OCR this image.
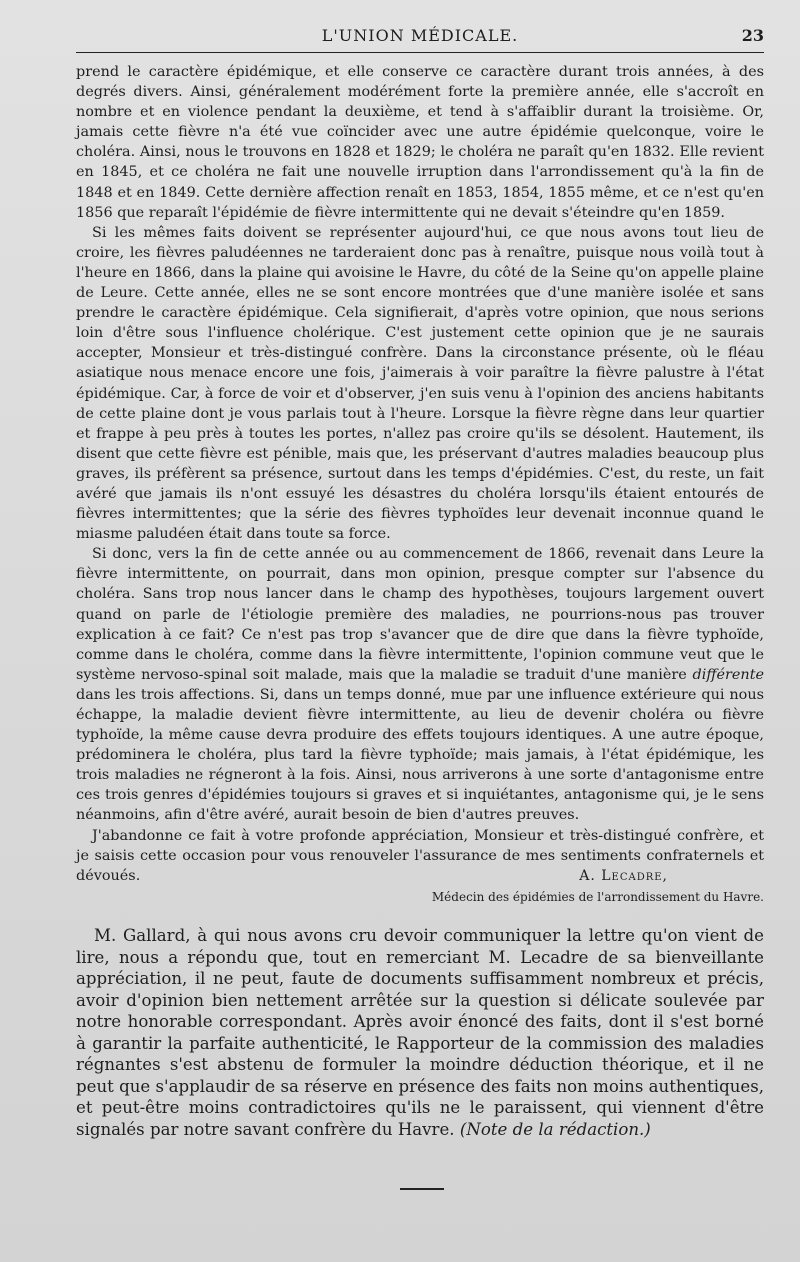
L'UNION MÉDICALE.	23

prend le caractère épidémique, et elle conserve ce caractère durant trois années, à des degrés divers. Ainsi, généralement modérément forte la première année, elle s'accroît en nombre et en violence pendant la deuxième, et tend à s'affaiblir durant la troisième. Or, jamais cette fièvre n'a été vue coïncider avec une autre épidémie quelconque, voire le choléra. Ainsi, nous le trouvons en 1828 et 1829; le choléra ne paraît qu'en 1832. Elle revient en 1845, et ce choléra ne fait une nouvelle irruption dans l'arrondissement qu'à la fin de 1848 et en 1849. Cette dernière affection renaît en 1853, 1854, 1855 même, et ce n'est qu'en 1856 que reparaît l'épidémie de fièvre intermittente qui ne devait s'éteindre qu'en 1859.

Si les mêmes faits doivent se représenter aujourd'hui, ce que nous avons tout lieu de croire, les fièvres paludéennes ne tarderaient donc pas à renaître, puisque nous voilà tout à l'heure en 1866, dans la plaine qui avoisine le Havre, du côté de la Seine qu'on appelle plaine de Leure. Cette année, elles ne se sont encore montrées que d'une manière isolée et sans prendre le caractère épidémique. Cela signifierait, d'après votre opinion, que nous serions loin d'être sous l'influence cholérique. C'est justement cette opinion que je ne saurais accepter, Monsieur et très-distingué confrère. Dans la circonstance présente, où le fléau asiatique nous menace encore une fois, j'aimerais à voir paraître la fièvre palustre à l'état épidémique. Car, à force de voir et d'observer, j'en suis venu à l'opinion des anciens habitants de cette plaine dont je vous parlais tout à l'heure. Lorsque la fièvre règne dans leur quartier et frappe à peu près à toutes les portes, n'allez pas croire qu'ils se désolent. Hautement, ils disent que cette fièvre est pénible, mais que, les préservant d'autres maladies beaucoup plus graves, ils préfèrent sa présence, surtout dans les temps d'épidémies. C'est, du reste, un fait avéré que jamais ils n'ont essuyé les désastres du choléra lorsqu'ils étaient entourés de fièvres intermittentes; que la série des fièvres typhoïdes leur devenait inconnue quand le miasme paludéen était dans toute sa force.

Si donc, vers la fin de cette année ou au commencement de 1866, revenait dans Leure la fièvre intermittente, on pourrait, dans mon opinion, presque compter sur l'absence du choléra. Sans trop nous lancer dans le champ des hypothèses, toujours largement ouvert quand on parle de l'étiologie première des maladies, ne pourrions-nous pas trouver explication à ce fait? Ce n'est pas trop s'avancer que de dire que dans la fièvre typhoïde, comme dans le choléra, comme dans la fièvre intermittente, l'opinion commune veut que le système nervoso-spinal soit malade, mais que la maladie se traduit d'une manière différente dans les trois affections. Si, dans un temps donné, mue par une influence extérieure qui nous échappe, la maladie devient fièvre intermittente, au lieu de devenir choléra ou fièvre typhoïde, la même cause devra produire des effets toujours identiques. A une autre époque, prédominera le choléra, plus tard la fièvre typhoïde; mais jamais, à l'état épidémique, les trois maladies ne régneront à la fois. Ainsi, nous arriverons à une sorte d'antagonisme entre ces trois genres d'épidémies toujours si graves et si inquiétantes, antagonisme qui, je le sens néanmoins, afin d'être avéré, aurait besoin de bien d'autres preuves.

J'abandonne ce fait à votre profonde appréciation, Monsieur et très-distingué confrère, et je saisis cette occasion pour vous renouveler l'assurance de mes sentiments confraternels et dévoués.	A. Lecadre,
Médecin des épidémies de l'arrondissement du Havre.

M. Gallard, à qui nous avons cru devoir communiquer la lettre qu'on vient de lire, nous a répondu que, tout en remerciant M. Lecadre de sa bienveillante appréciation, il ne peut, faute de documents suffisamment nombreux et précis, avoir d'opinion bien nettement arrêtée sur la question si délicate soulevée par notre honorable correspondant. Après avoir énoncé des faits, dont il s'est borné à garantir la parfaite authenticité, le Rapporteur de la commission des maladies régnantes s'est abstenu de formuler la moindre déduction théorique, et il ne peut que s'applaudir de sa réserve en présence des faits non moins authentiques, et peut-être moins contradictoires qu'ils ne le paraissent, qui viennent d'être signalés par notre savant confrère du Havre. (Note de la rédaction.)
